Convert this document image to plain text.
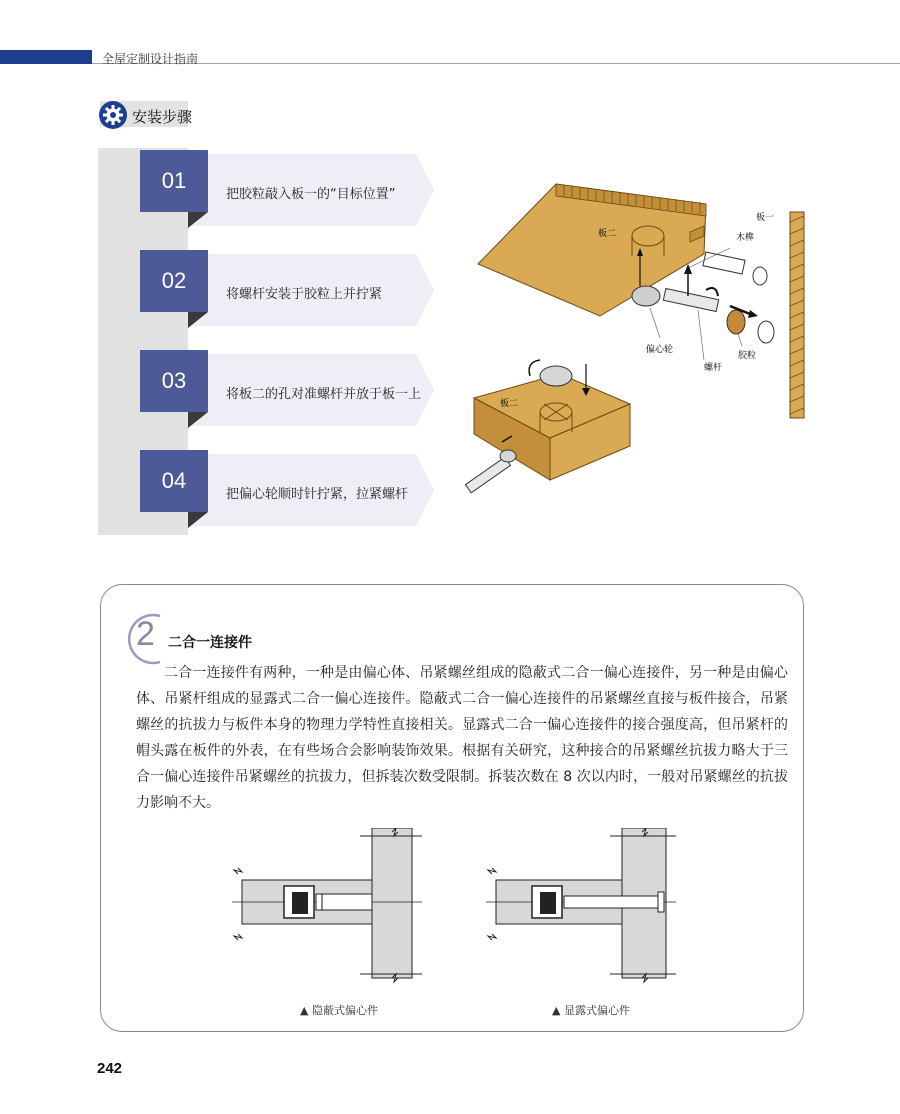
全屋定制设计指南
安装步骤
01
把胶粒敲入板一的“目标位置”
02
将螺杆安装于胶粒上并拧紧
03
将板二的孔对准螺杆并放于板一上
04
把偏心轮顺时针拧紧，拉紧螺杆
板一
板二	木榫
偏心轮
螺杆
胶粒
板二
2 二合一连接件
二合一连接件有两种，一种是由偏心体、吊紧螺丝组成的隐蔽式二合一偏心连接件，另一种是由偏心体、吊紧杆组成的显露式二合一偏心连接件。隐蔽式二合一偏心连接件的吊紧螺丝直接与板件接合，吊紧螺丝的抗拔力与板件本身的物理力学特性直接相关。显露式二合一偏心连接件的接合强度高，但吊紧杆的帽头露在板件的外表，在有些场合会影响装饰效果。根据有关研究，这种接合的吊紧螺丝抗拔力略大于三合一偏心连接件吊紧螺丝的抗拔力，但拆装次数受限制。拆装次数在 8 次以内时，一般对吊紧螺丝的抗拔力影响不大。
▲ 隐蔽式偏心件	▲ 显露式偏心件
242
